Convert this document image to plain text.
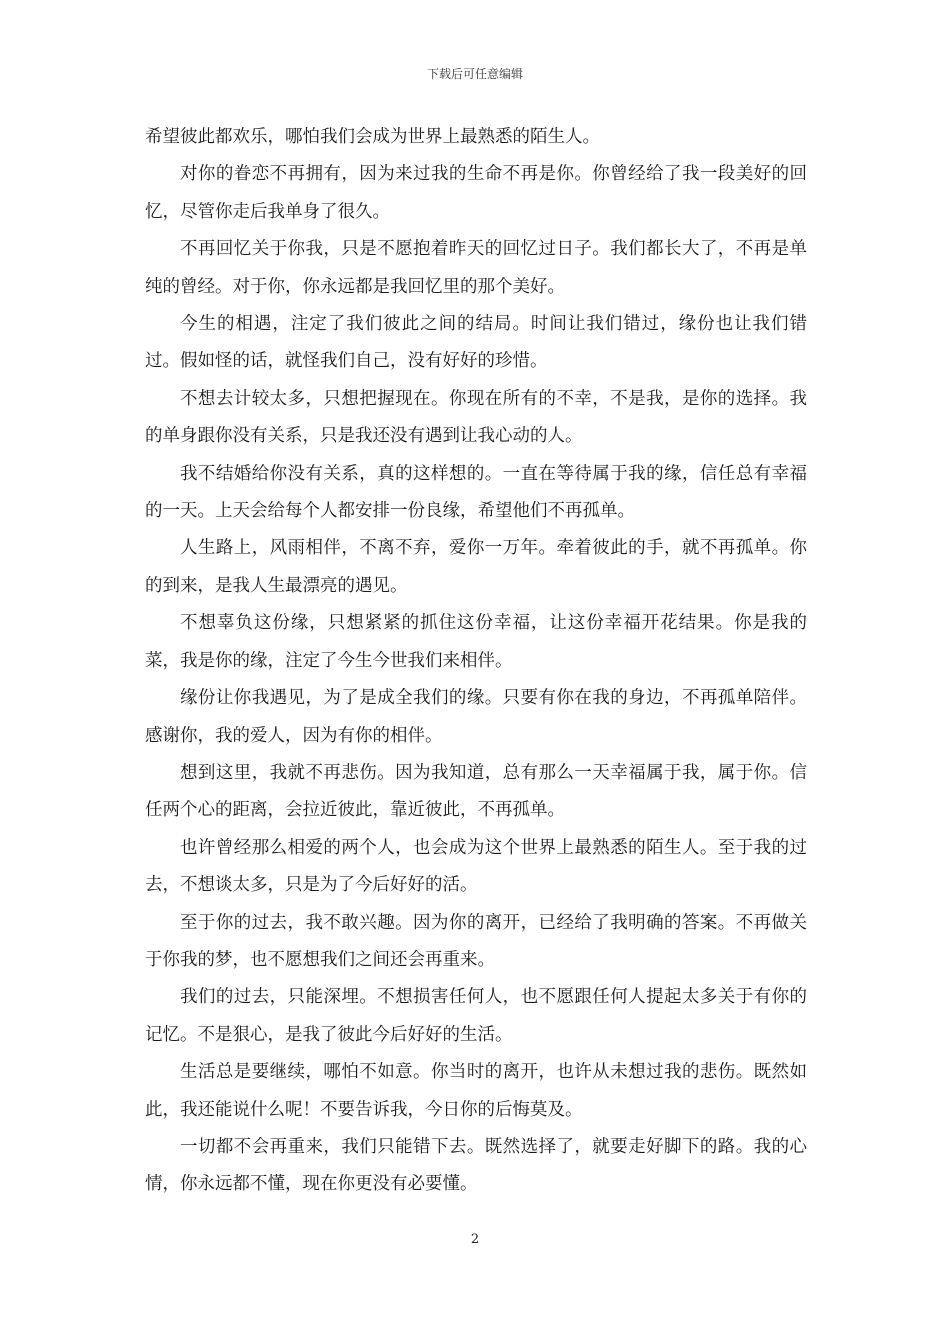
下载后可任意编辑

希望彼此都欢乐，哪怕我们会成为世界上最熟悉的陌生人。

对你的眷恋不再拥有，因为来过我的生命不再是你。你曾经给了我一段美好的回忆，尽管你走后我单身了很久。

不再回忆关于你我，只是不愿抱着昨天的回忆过日子。我们都长大了，不再是单纯的曾经。对于你，你永远都是我回忆里的那个美好。

今生的相遇，注定了我们彼此之间的结局。时间让我们错过，缘份也让我们错过。假如怪的话，就怪我们自己，没有好好的珍惜。

不想去计较太多，只想把握现在。你现在所有的不幸，不是我，是你的选择。我的单身跟你没有关系，只是我还没有遇到让我心动的人。

我不结婚给你没有关系，真的这样想的。一直在等待属于我的缘，信任总有幸福的一天。上天会给每个人都安排一份良缘，希望他们不再孤单。

人生路上，风雨相伴，不离不弃，爱你一万年。牵着彼此的手，就不再孤单。你的到来，是我人生最漂亮的遇见。

不想辜负这份缘，只想紧紧的抓住这份幸福，让这份幸福开花结果。你是我的菜，我是你的缘，注定了今生今世我们来相伴。

缘份让你我遇见，为了是成全我们的缘。只要有你在我的身边，不再孤单陪伴。感谢你，我的爱人，因为有你的相伴。

想到这里，我就不再悲伤。因为我知道，总有那么一天幸福属于我，属于你。信任两个心的距离，会拉近彼此，靠近彼此，不再孤单。

也许曾经那么相爱的两个人，也会成为这个世界上最熟悉的陌生人。至于我的过去，不想谈太多，只是为了今后好好的活。

至于你的过去，我不敢兴趣。因为你的离开，已经给了我明确的答案。不再做关于你我的梦，也不愿想我们之间还会再重来。

我们的过去，只能深埋。不想损害任何人，也不愿跟任何人提起太多关于有你的记忆。不是狠心，是我了彼此今后好好的生活。

生活总是要继续，哪怕不如意。你当时的离开，也许从未想过我的悲伤。既然如此，我还能说什么呢！不要告诉我，今日你的后悔莫及。

一切都不会再重来，我们只能错下去。既然选择了，就要走好脚下的路。我的心情，你永远都不懂，现在你更没有必要懂。

2
